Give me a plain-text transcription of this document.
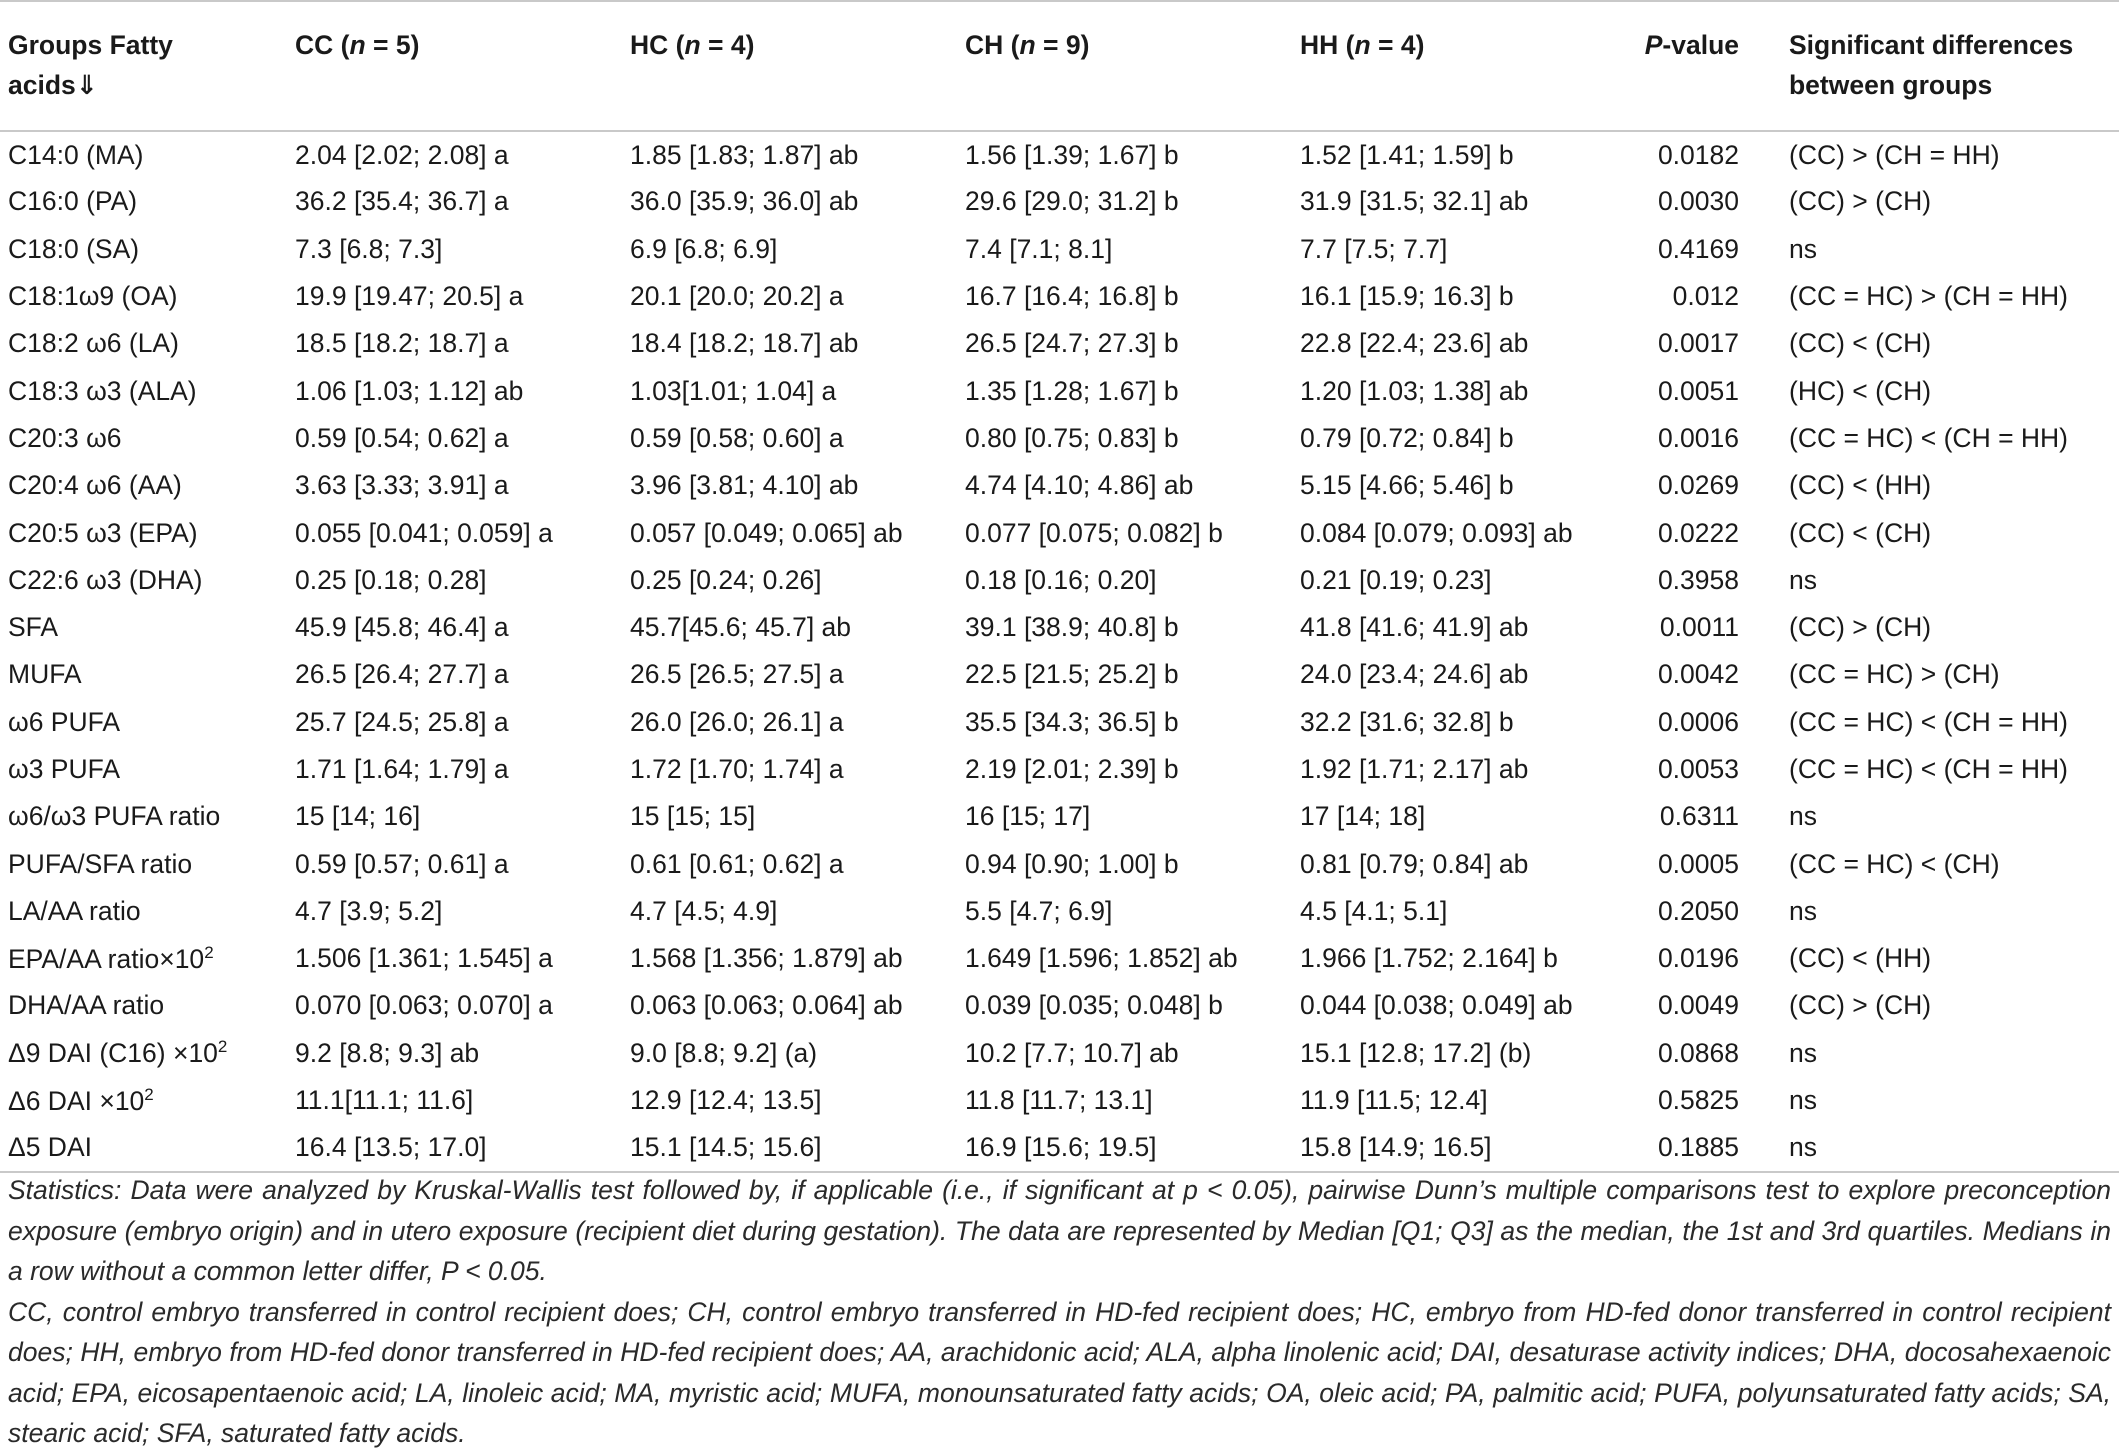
Groups Fatty
acids⇓	CC (n = 5)	HC (n = 4)	CH (n = 9)	HH (n = 4)	P-value	Significant differences
between groups
C14:0 (MA)	2.04 [2.02; 2.08] a	1.85 [1.83; 1.87] ab	1.56 [1.39; 1.67] b	1.52 [1.41; 1.59] b	0.0182	(CC) > (CH = HH)
C16:0 (PA)	36.2 [35.4; 36.7] a	36.0 [35.9; 36.0] ab	29.6 [29.0; 31.2] b	31.9 [31.5; 32.1] ab	0.0030	(CC) > (CH)
C18:0 (SA)	7.3 [6.8; 7.3]	6.9 [6.8; 6.9]	7.4 [7.1; 8.1]	7.7 [7.5; 7.7]	0.4169	ns
C18:1ω9 (OA)	19.9 [19.47; 20.5] a	20.1 [20.0; 20.2] a	16.7 [16.4; 16.8] b	16.1 [15.9; 16.3] b	0.012	(CC = HC) > (CH = HH)
C18:2 ω6 (LA)	18.5 [18.2; 18.7] a	18.4 [18.2; 18.7] ab	26.5 [24.7; 27.3] b	22.8 [22.4; 23.6] ab	0.0017	(CC) < (CH)
C18:3 ω3 (ALA)	1.06 [1.03; 1.12] ab	1.03[1.01; 1.04] a	1.35 [1.28; 1.67] b	1.20 [1.03; 1.38] ab	0.0051	(HC) < (CH)
C20:3 ω6	0.59 [0.54; 0.62] a	0.59 [0.58; 0.60] a	0.80 [0.75; 0.83] b	0.79 [0.72; 0.84] b	0.0016	(CC = HC) < (CH = HH)
C20:4 ω6 (AA)	3.63 [3.33; 3.91] a	3.96 [3.81; 4.10] ab	4.74 [4.10; 4.86] ab	5.15 [4.66; 5.46] b	0.0269	(CC) < (HH)
C20:5 ω3 (EPA)	0.055 [0.041; 0.059] a	0.057 [0.049; 0.065] ab	0.077 [0.075; 0.082] b	0.084 [0.079; 0.093] ab	0.0222	(CC) < (CH)
C22:6 ω3 (DHA)	0.25 [0.18; 0.28]	0.25 [0.24; 0.26]	0.18 [0.16; 0.20]	0.21 [0.19; 0.23]	0.3958	ns
SFA	45.9 [45.8; 46.4] a	45.7[45.6; 45.7] ab	39.1 [38.9; 40.8] b	41.8 [41.6; 41.9] ab	0.0011	(CC) > (CH)
MUFA	26.5 [26.4; 27.7] a	26.5 [26.5; 27.5] a	22.5 [21.5; 25.2] b	24.0 [23.4; 24.6] ab	0.0042	(CC = HC) > (CH)
ω6 PUFA	25.7 [24.5; 25.8] a	26.0 [26.0; 26.1] a	35.5 [34.3; 36.5] b	32.2 [31.6; 32.8] b	0.0006	(CC = HC) < (CH = HH)
ω3 PUFA	1.71 [1.64; 1.79] a	1.72 [1.70; 1.74] a	2.19 [2.01; 2.39] b	1.92 [1.71; 2.17] ab	0.0053	(CC = HC) < (CH = HH)
ω6/ω3 PUFA ratio	15 [14; 16]	15 [15; 15]	16 [15; 17]	17 [14; 18]	0.6311	ns
PUFA/SFA ratio	0.59 [0.57; 0.61] a	0.61 [0.61; 0.62] a	0.94 [0.90; 1.00] b	0.81 [0.79; 0.84] ab	0.0005	(CC = HC) < (CH)
LA/AA ratio	4.7 [3.9; 5.2]	4.7 [4.5; 4.9]	5.5 [4.7; 6.9]	4.5 [4.1; 5.1]	0.2050	ns
EPA/AA $ratio\times 10^2$	1.506 [1.361; 1.545] a	1.568 [1.356; 1.879] ab	1.649 [1.596; 1.852] ab	1.966 [1.752; 2.164] b	0.0196	(CC) < (HH)
DHA/AA ratio	0.070 [0.063; 0.070] a	0.063 [0.063; 0.064] ab	0.039 [0.035; 0.048] b	0.044 [0.038; 0.049] ab	0.0049	(CC) > (CH)
Δ9 DAI $(C16) \times 10^2$	9.2 [8.8; 9.3] ab	9.0 [8.8; 9.2] (a)	10.2 [7.7; 10.7] ab	15.1 [12.8; 17.2] (b)	0.0868	ns
Δ6 DAI $\times 10^2$	11.1[11.1; 11.6]	12.9 [12.4; 13.5]	11.8 [11.7; 13.1]	11.9 [11.5; 12.4]	0.5825	ns
Δ5 DAI	16.4 [13.5; 17.0]	15.1 [14.5; 15.6]	16.9 [15.6; 19.5]	15.8 [14.9; 16.5]	0.1885	ns

Statistics: Data were analyzed by Kruskal-Wallis test followed by, if applicable (i.e., if significant at p < 0.05), pairwise Dunn’s multiple comparisons test to explore preconception exposure (embryo origin) and in utero exposure (recipient diet during gestation). The data are represented by Median [Q1; Q3] as the median, the 1st and 3rd quartiles. Medians in a row without a common letter differ, P < 0.05.

CC, control embryo transferred in control recipient does; CH, control embryo transferred in HD-fed recipient does; HC, embryo from HD-fed donor transferred in control recipient does; HH, embryo from HD-fed donor transferred in HD-fed recipient does; AA, arachidonic acid; ALA, alpha linolenic acid; DAI, desaturase activity indices; DHA, docosahexaenoic acid; EPA, eicosapentaenoic acid; LA, linoleic acid; MA, myristic acid; MUFA, monounsaturated fatty acids; OA, oleic acid; PA, palmitic acid; PUFA, polyunsaturated fatty acids; SA, stearic acid; SFA, saturated fatty acids.
